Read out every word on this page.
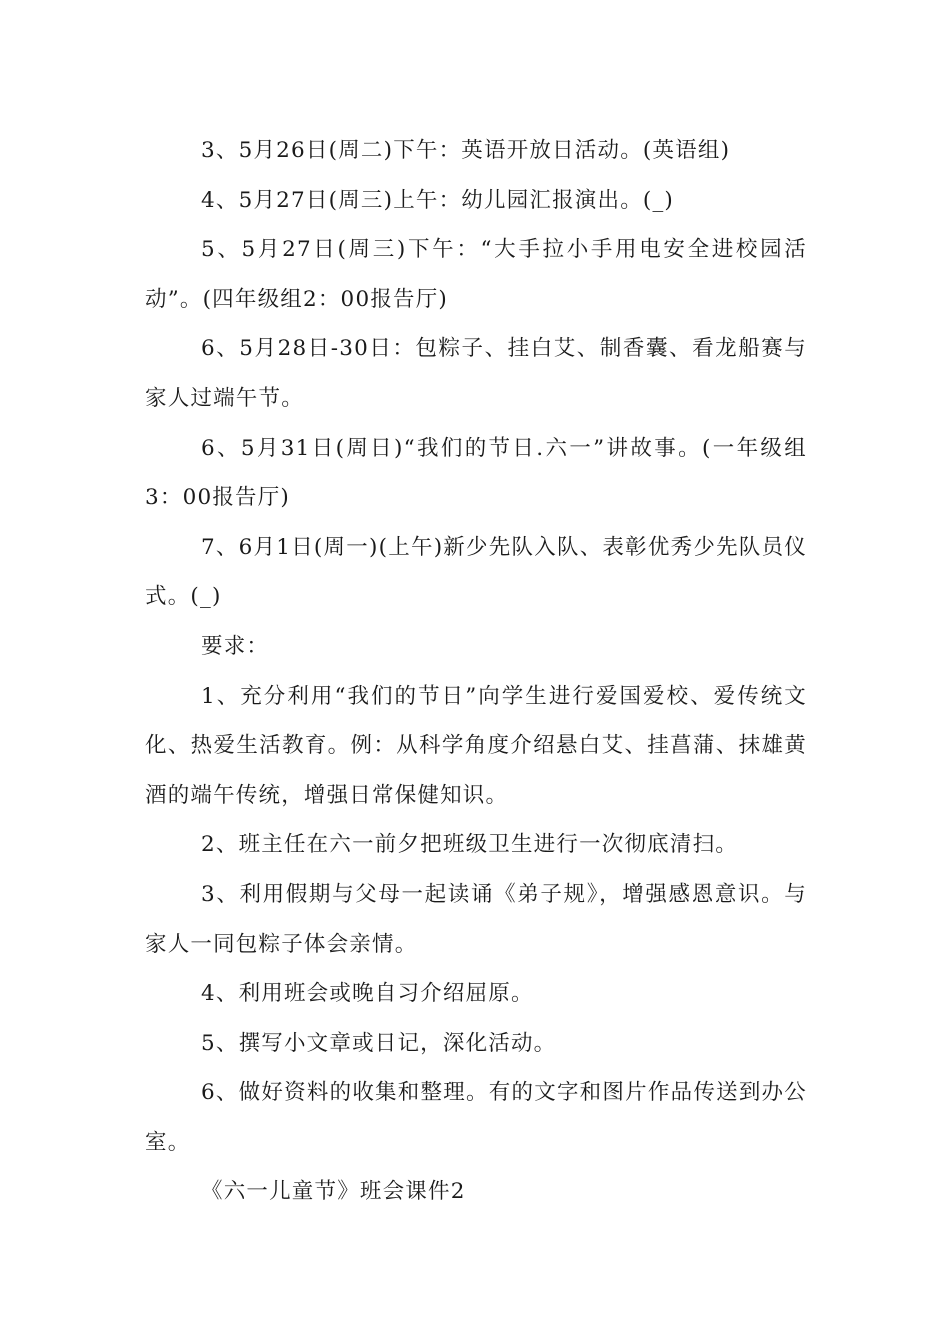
3、5月26日(周二)下午：英语开放日活动。(英语组)

4、5月27日(周三)上午：幼儿园汇报演出。(_)

5、5月27日(周三)下午：“大手拉小手用电安全进校园活动”。(四年级组2：00报告厅)

6、5月28日-30日：包粽子、挂白艾、制香囊、看龙船赛与家人过端午节。

6、5月31日(周日)“我们的节日.六一”讲故事。(一年级组3：00报告厅)

7、6月1日(周一)(上午)新少先队入队、表彰优秀少先队员仪式。(_)

要求：

1、充分利用“我们的节日”向学生进行爱国爱校、爱传统文化、热爱生活教育。例：从科学角度介绍悬白艾、挂菖蒲、抹雄黄酒的端午传统，增强日常保健知识。

2、班主任在六一前夕把班级卫生进行一次彻底清扫。

3、利用假期与父母一起读诵《弟子规》，增强感恩意识。与家人一同包粽子体会亲情。

4、利用班会或晚自习介绍屈原。

5、撰写小文章或日记，深化活动。

6、做好资料的收集和整理。有的文字和图片作品传送到办公室。

《六一儿童节》班会课件2
